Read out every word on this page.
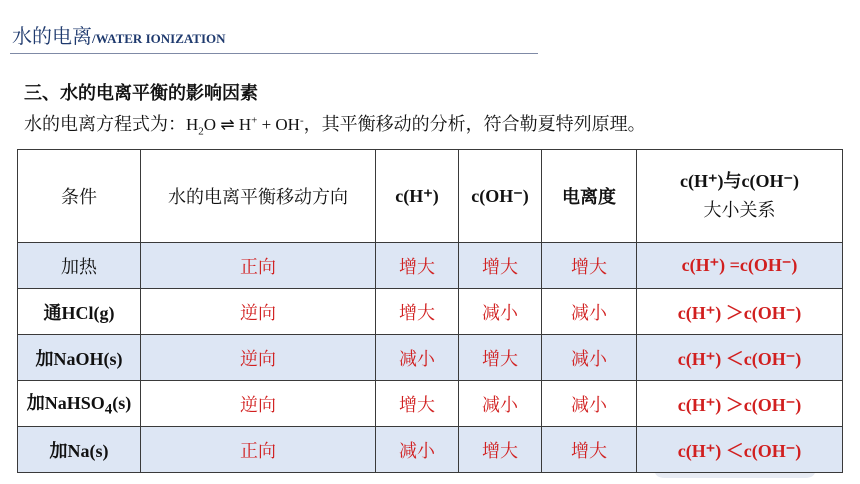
水的电离/WATER IONIZATION
三、水的电离平衡的影响因素
水的电离方程式为：$H_2O$ ⇌ H+ + OH-，其平衡移动的分析，符合勒夏特列原理。
条件	水的电离平衡移动方向	c(H⁺)	c(OH⁻)	电离度	c(H⁺)与c(OH⁻)
大小关系

加热	正向	增大	增大	增大	c(H⁺) =c(OH⁻)
通HCl(g)	逆向	增大	减小	减小	c(H⁺) ＞c(OH⁻)
加NaOH(s)	逆向	减小	增大	减小	c(H⁺) ＜c(OH⁻)
加NaHSO$_4$(s)	逆向	增大	减小	减小	c(H⁺) ＞c(OH⁻)
加Na(s)	正向	减小	增大	增大	c(H⁺) ＜c(OH⁻)
